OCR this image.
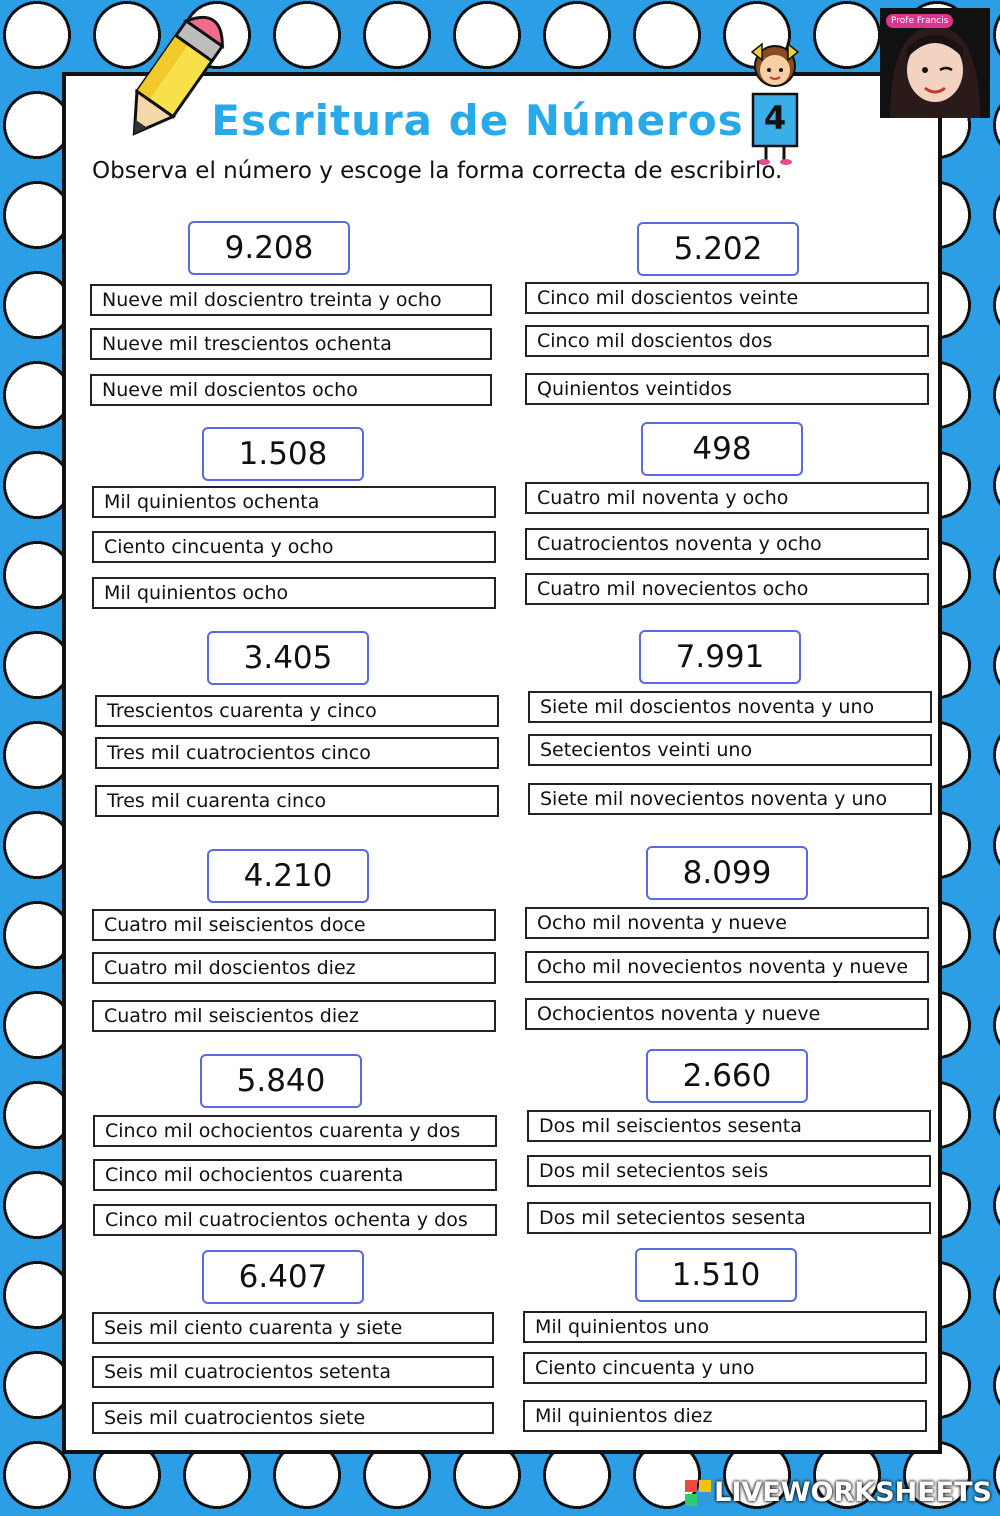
4
Profe Francis
Escritura de Números

Observa el número y escoge la forma correcta de escribirlo.

9.208
Nueve mil doscientro treinta y ocho
Nueve mil trescientos ochenta
Nueve mil doscientos ocho
5.202
Cinco mil doscientos veinte
Cinco mil doscientos dos
Quinientos veintidos
1.508
Mil quinientos ochenta
Ciento cincuenta y ocho
Mil quinientos ocho
498
Cuatro mil noventa y ocho
Cuatrocientos noventa y ocho
Cuatro mil novecientos ocho
3.405
Trescientos cuarenta y cinco
Tres mil cuatrocientos cinco
Tres mil cuarenta cinco
7.991
Siete mil doscientos noventa y uno
Setecientos veinti uno
Siete mil novecientos noventa y uno
4.210
Cuatro mil seiscientos doce
Cuatro mil doscientos diez
Cuatro mil seiscientos diez
8.099
Ocho mil noventa y nueve
Ocho mil novecientos noventa y nueve
Ochocientos noventa y nueve
5.840
Cinco mil ochocientos cuarenta y dos
Cinco mil ochocientos cuarenta
Cinco mil cuatrocientos ochenta y dos
2.660
Dos mil seiscientos sesenta
Dos mil setecientos seis
Dos mil setecientos sesenta
6.407
Seis mil ciento cuarenta y siete
Seis mil cuatrocientos setenta
Seis mil cuatrocientos siete
1.510
Mil quinientos uno
Ciento cincuenta y uno
Mil quinientos diez
LIVEWORKSHEETS
